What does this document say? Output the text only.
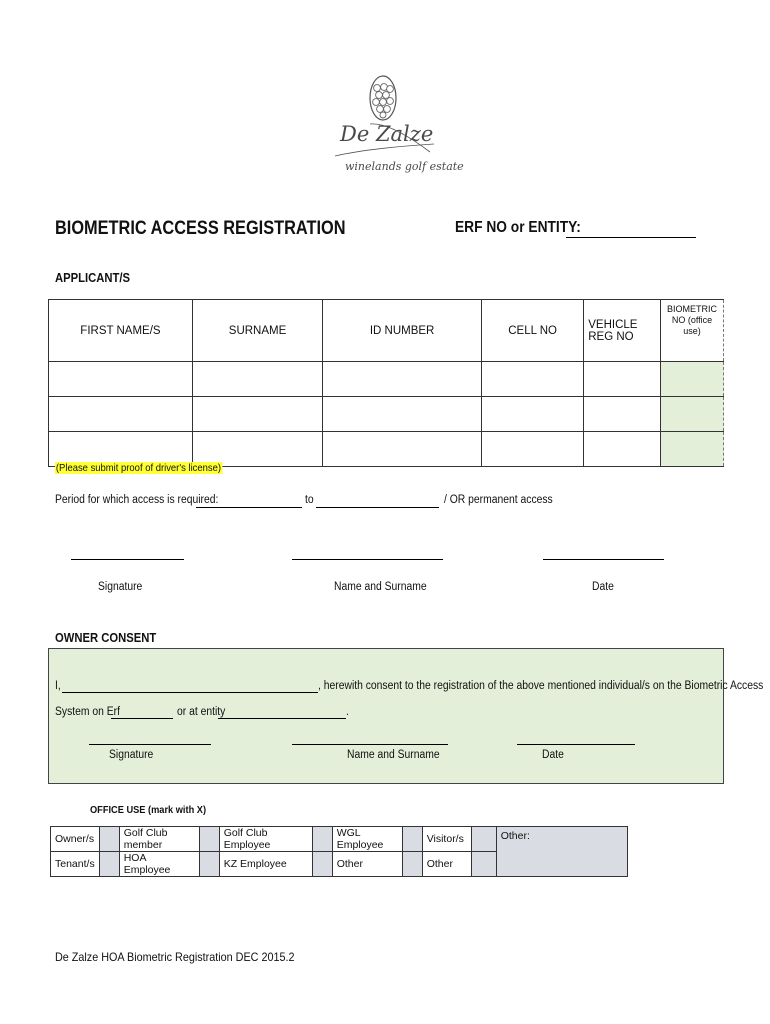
De Zalze
winelands golf estate
BIOMETRIC ACCESS REGISTRATION	ERF NO or ENTITY:
APPLICANT/S
FIRST NAME/S	SURNAME	ID NUMBER	CELL NO	VEHICLE REG NO	BIOMETRIC NO (office use)

(Please submit proof of driver's license)
Period for which access is required:	to	/ OR permanent access
Signature	Name and Surname	Date
OWNER CONSENT
I,	, herewith consent to the registration of the above mentioned individual/s on the Biometric Access
System on Erf	or at entity	.
Signature	Name and Surname	Date
OFFICE USE (mark with X)
Owner/s		Golf Club member		Golf Club Employee		WGL Employee		Visitor/s		Other:
Tenant/s		HOA Employee		KZ Employee		Other		Other		
De Zalze HOA Biometric Registration DEC 2015.2
